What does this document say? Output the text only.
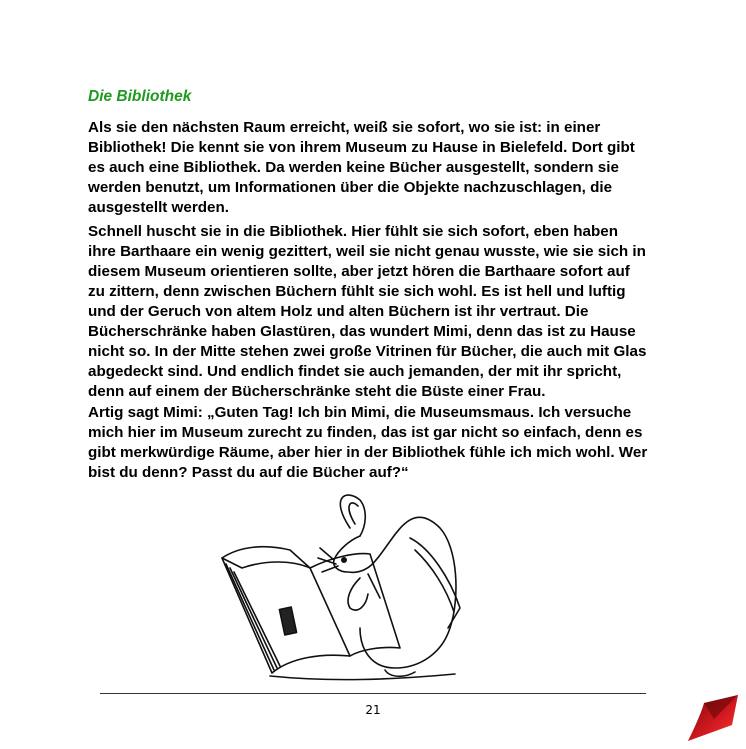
Die Bibliothek

Als sie den nächsten Raum erreicht, weiß sie sofort, wo sie ist: in einer Bibliothek! Die kennt sie von ihrem Museum zu Hause in Bielefeld. Dort gibt es auch eine Bibliothek. Da werden keine Bücher ausgestellt, sondern sie werden benutzt, um Informationen über die Objekte nachzuschlagen, die ausgestellt werden.

Schnell huscht sie in die Bibliothek. Hier fühlt sie sich sofort, eben haben ihre Barthaare ein wenig gezittert, weil sie nicht genau wusste, wie sie sich in diesem Museum orientieren sollte, aber jetzt hören die Barthaare sofort auf zu zittern, denn zwischen Büchern fühlt sie sich wohl. Es ist hell und luftig und der Geruch von altem Holz und alten Büchern ist ihr vertraut. Die Bücherschränke haben Glastüren, das wundert Mimi, denn das ist zu Hause nicht so. In der Mitte stehen zwei große Vitrinen für Bücher, die auch mit Glas abgedeckt sind. Und endlich findet sie auch jemanden, der mit ihr spricht, denn auf einem der Bücherschränke steht die Büste einer Frau.

Artig sagt Mimi: „Guten Tag! Ich bin Mimi, die Museumsmaus. Ich versuche mich hier im Museum zurecht zu finden, das ist gar nicht so einfach, denn es gibt merkwürdige Räume, aber hier in der Bibliothek fühle ich mich wohl. Wer bist du denn? Passt du auf die Bücher auf?“

21
